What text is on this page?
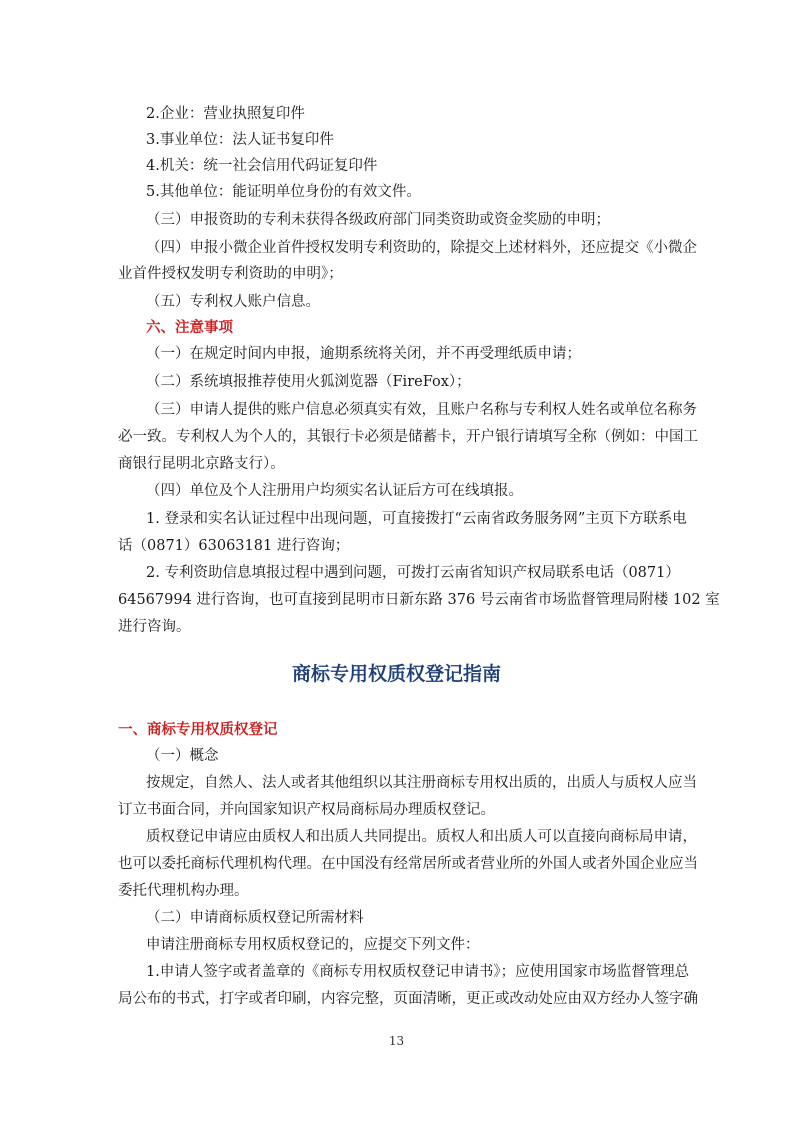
2.企业：营业执照复印件
3.事业单位：法人证书复印件
4.机关：统一社会信用代码证复印件
5.其他单位：能证明单位身份的有效文件。
（三）申报资助的专利未获得各级政府部门同类资助或资金奖励的申明；
（四）申报小微企业首件授权发明专利资助的，除提交上述材料外，还应提交《小微企
业首件授权发明专利资助的申明》；
（五）专利权人账户信息。
六、注意事项
（一）在规定时间内申报，逾期系统将关闭，并不再受理纸质申请；
（二）系统填报推荐使用火狐浏览器（FireFox）；
（三）申请人提供的账户信息必须真实有效，且账户名称与专利权人姓名或单位名称务
必一致。专利权人为个人的，其银行卡必须是储蓄卡，开户银行请填写全称（例如：中国工
商银行昆明北京路支行）。
（四）单位及个人注册用户均须实名认证后方可在线填报。
1. 登录和实名认证过程中出现问题，可直接拨打“云南省政务服务网”主页下方联系电
话（0871）63063181 进行咨询；
2. 专利资助信息填报过程中遇到问题，可拨打云南省知识产权局联系电话（0871）
64567994 进行咨询，也可直接到昆明市日新东路 376 号云南省市场监督管理局附楼 102 室
进行咨询。
商标专用权质权登记指南
一、商标专用权质权登记
（一）概念
按规定，自然人、法人或者其他组织以其注册商标专用权出质的，出质人与质权人应当
订立书面合同，并向国家知识产权局商标局办理质权登记。
质权登记申请应由质权人和出质人共同提出。质权人和出质人可以直接向商标局申请，
也可以委托商标代理机构代理。在中国没有经常居所或者营业所的外国人或者外国企业应当
委托代理机构办理。
（二）申请商标质权登记所需材料
申请注册商标专用权质权登记的，应提交下列文件：
1.申请人签字或者盖章的《商标专用权质权登记申请书》；应使用国家市场监督管理总
局公布的书式，打字或者印刷，内容完整，页面清晰，更正或改动处应由双方经办人签字确
13
